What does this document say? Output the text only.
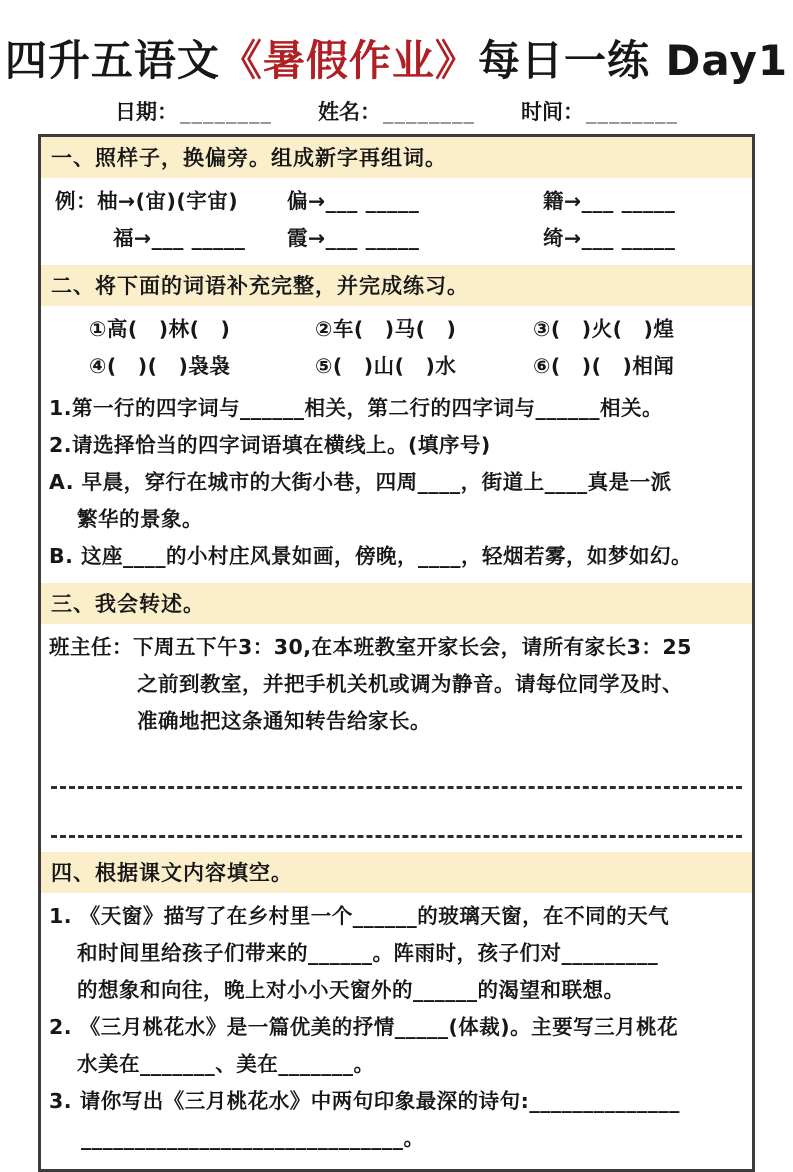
四升五语文《暑假作业》每日一练 Day1
日期：________ 姓名：________ 时间：________
一、照样子，换偏旁。组成新字再组词。
例：柚→(宙)(宇宙)	偏→___ _____	籍→___ _____
福→___ _____	霞→___ _____	绮→___ _____
二、将下面的词语补充完整，并完成练习。
①高(　)林(　)	②车(　)马(　)	③(　)火(　)煌
④(　)(　)袅袅	⑤(　)山(　)水	⑥(　)(　)相闻
1.第一行的四字词与______相关，第二行的四字词与______相关。
2.请选择恰当的四字词语填在横线上。(填序号)
A. 早晨，穿行在城市的大街小巷，四周____，街道上____真是一派
繁华的景象。
B. 这座____的小村庄风景如画，傍晚，____，轻烟若雾，如梦如幻。
三、我会转述。
班主任：下周五下午3：30,在本班教室开家长会，请所有家长3：25
之前到教室，并把手机关机或调为静音。请每位同学及时、
准确地把这条通知转告给家长。
四、根据课文内容填空。
1. 《天窗》描写了在乡村里一个______的玻璃天窗，在不同的天气
和时间里给孩子们带来的______。阵雨时，孩子们对_________
的想象和向往，晚上对小小天窗外的______的渴望和联想。
2. 《三月桃花水》是一篇优美的抒情_____(体裁)。主要写三月桃花
水美在_______、美在_______。
3. 请你写出《三月桃花水》中两句印象最深的诗句:______________
______________________________。
